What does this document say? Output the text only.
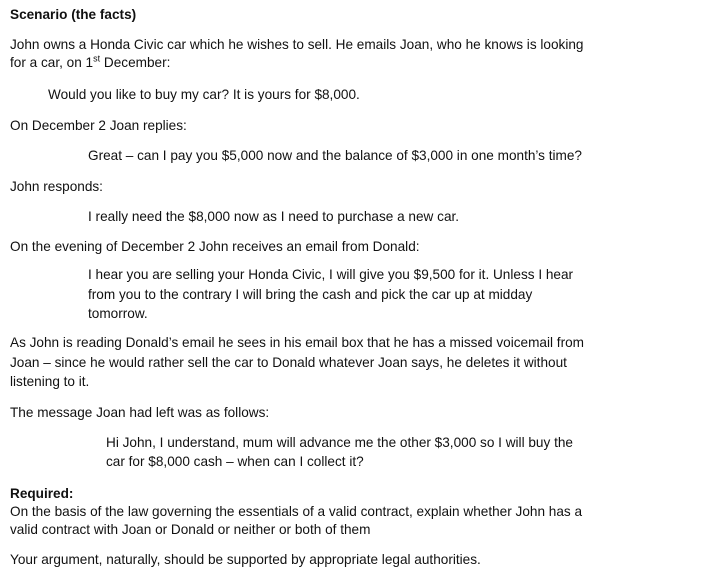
Scenario (the facts)
John owns a Honda Civic car which he wishes to sell. He emails Joan, who he knows is looking
for a car, on 1st December:
Would you like to buy my car? It is yours for $8,000.
On December 2 Joan replies:
Great – can I pay you $5,000 now and the balance of $3,000 in one month’s time?
John responds:
I really need the $8,000 now as I need to purchase a new car.
On the evening of December 2 John receives an email from Donald:
I hear you are selling your Honda Civic, I will give you $9,500 for it. Unless I hear
from you to the contrary I will bring the cash and pick the car up at midday
tomorrow.
As John is reading Donald’s email he sees in his email box that he has a missed voicemail from
Joan – since he would rather sell the car to Donald whatever Joan says, he deletes it without
listening to it.
The message Joan had left was as follows:
Hi John, I understand, mum will advance me the other $3,000 so I will buy the
car for $8,000 cash – when can I collect it?
Required:
On the basis of the law governing the essentials of a valid contract, explain whether John has a
valid contract with Joan or Donald or neither or both of them
Your argument, naturally, should be supported by appropriate legal authorities.
